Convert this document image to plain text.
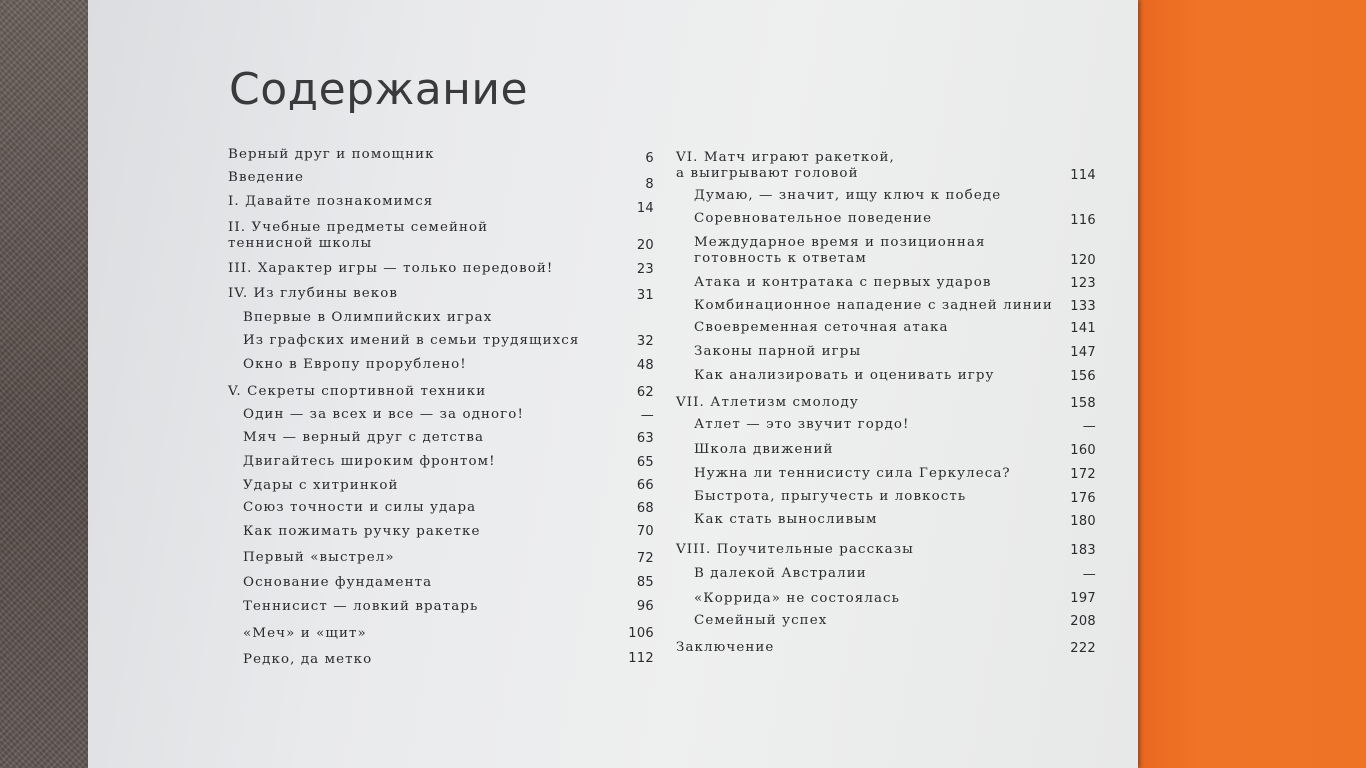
Содержание
Верный друг и помощник	6
Введение	8
I. Давайте познакомимся	14
II. Учебные предметы семейной
теннисной школы	20
III. Характер игры — только передовой!	23
IV. Из глубины веков	31
Впервые в Олимпийских играх
Из графских имений в семьи трудящихся	32
Окно в Европу прорублено!	48
V. Секреты спортивной техники	62
Один — за всех и все — за одного!	—
Мяч — верный друг с детства	63
Двигайтесь широким фронтом!	65
Удары с хитринкой	66
Союз точности и силы удара	68
Как пожимать ручку ракетке	70
Первый «выстрел»	72
Основание фундамента	85
Теннисист — ловкий вратарь	96
«Меч» и «щит»	106
Редко, да метко	112
VI. Матч играют ракеткой,
а выигрывают головой	114
Думаю, — значит, ищу ключ к победе
Соревновательное поведение	116
Междударное время и позиционная
готовность к ответам	120
Атака и контратака с первых ударов	123
Комбинационное нападение с задней линии 133
Своевременная сеточная атака	141
Законы парной игры	147
Как анализировать и оценивать игру	156
VII. Атлетизм смолоду	158
Атлет — это звучит гордо!	—
Школа движений	160
Нужна ли теннисисту сила Геркулеса?	172
Быстрота, прыгучесть и ловкость	176
Как стать выносливым	180
VIII. Поучительные рассказы	183
В далекой Австралии	—
«Коррида» не состоялась	197
Семейный успех	208
Заключение	222
